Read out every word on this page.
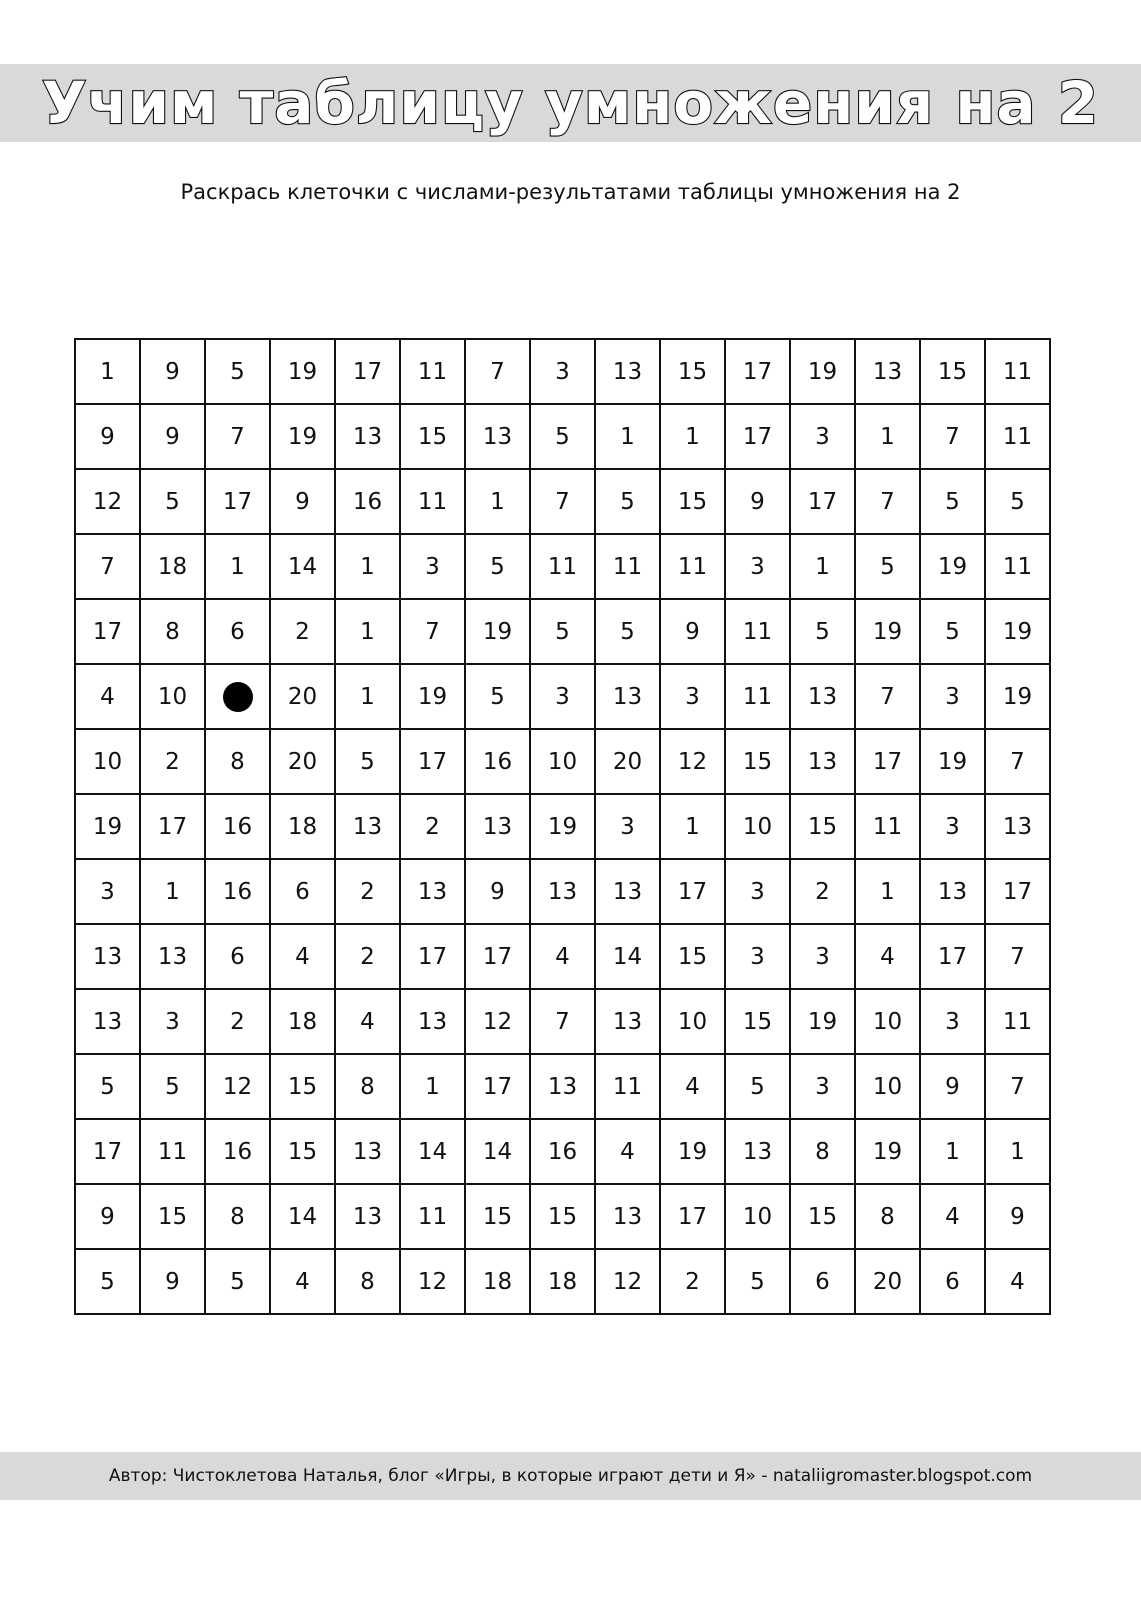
Учим таблицу умножения на 2
Раскрась клеточки с числами-результатами таблицы умножения на 2
1	9	5	19	17	11	7	3	13	15	17	19	13	15	11
9	9	7	19	13	15	13	5	1	1	17	3	1	7	11
12	5	17	9	16	11	1	7	5	15	9	17	7	5	5
7	18	1	14	1	3	5	11	11	11	3	1	5	19	11
17	8	6	2	1	7	19	5	5	9	11	5	19	5	19
4	10		20	1	19	5	3	13	3	11	13	7	3	19
10	2	8	20	5	17	16	10	20	12	15	13	17	19	7
19	17	16	18	13	2	13	19	3	1	10	15	11	3	13
3	1	16	6	2	13	9	13	13	17	3	2	1	13	17
13	13	6	4	2	17	17	4	14	15	3	3	4	17	7
13	3	2	18	4	13	12	7	13	10	15	19	10	3	11
5	5	12	15	8	1	17	13	11	4	5	3	10	9	7
17	11	16	15	13	14	14	16	4	19	13	8	19	1	1
9	15	8	14	13	11	15	15	13	17	10	15	8	4	9
5	9	5	4	8	12	18	18	12	2	5	6	20	6	4
Автор: Чистоклетова Наталья, блог «Игры, в которые играют дети и Я» - nataliigromaster.blogspot.com
